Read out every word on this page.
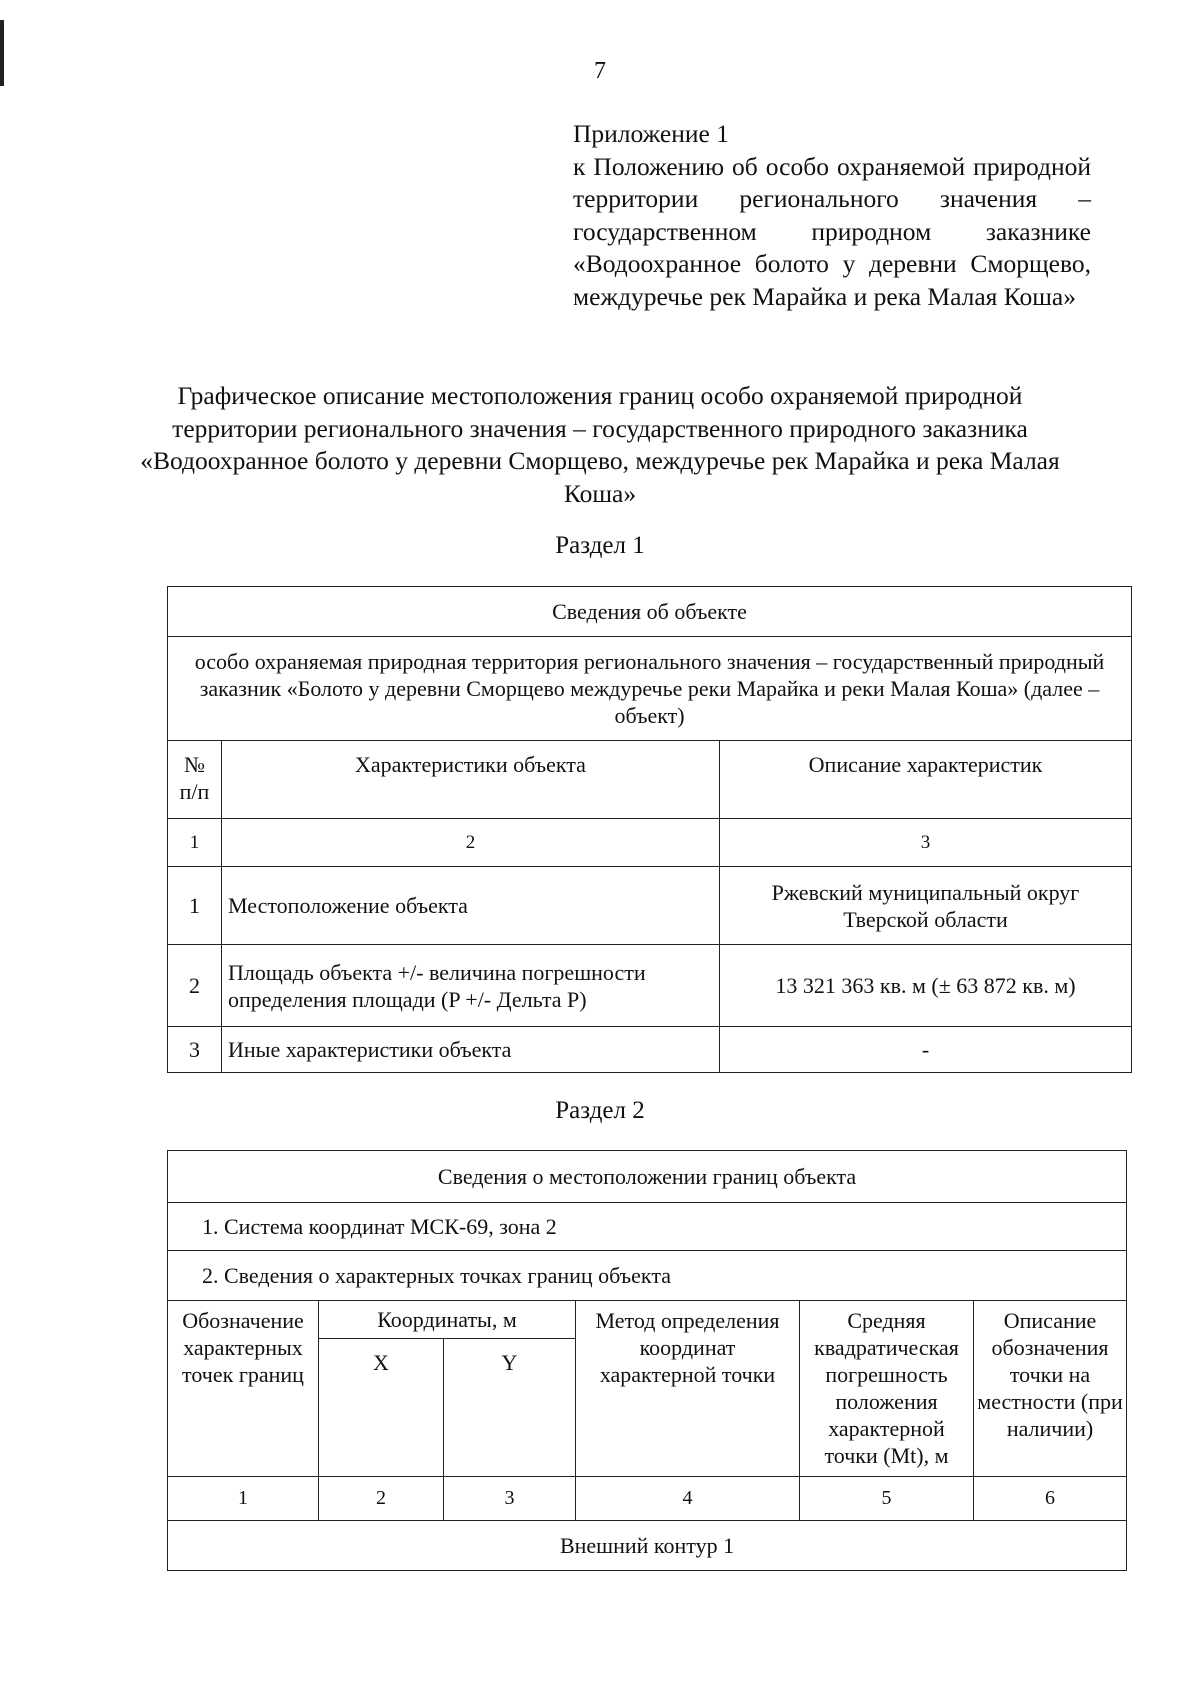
7
Приложение 1
к Положению об особо охраняемой природной территории регионального значения – государственном природном заказнике «Водоохранное болото у деревни Сморщево, междуречье рек Марайка и река Малая Коша»
Графическое описание местоположения границ особо охраняемой природной территории регионального значения – государственного природного заказника «Водоохранное болото у деревни Сморщево, междуречье рек Марайка и река Малая Коша»
Раздел 1
Сведения об объекте		
особо охраняемая природная территория регионального значения – государственный природный заказник «Болото у деревни Сморщево междуречье реки Марайка и реки Малая Коша» (далее – объект)		
№ п/п	Характеристики объекта	Описание характеристик
1	2	3
1	Местоположение объекта	Ржевский муниципальный округ Тверской области
2	Площадь объекта +/- величина погрешности определения площади (P +/- Дельта P)	13 321 363 кв. м (± 63 872 кв. м)
3	Иные характеристики объекта	-
Раздел 2
Сведения о местоположении границ объекта					
1. Система координат МСК-69, зона 2					
2. Сведения о характерных точках границ объекта					
Обозначение характерных точек границ	Координаты, м		Метод определения координат характерной точки	Средняя квадратическая погрешность положения характерной точки (Mt), м	Описание обозначения точки на местности (при наличии)
	X	Y			
1	2	3	4	5	6
Внешний контур 1					
